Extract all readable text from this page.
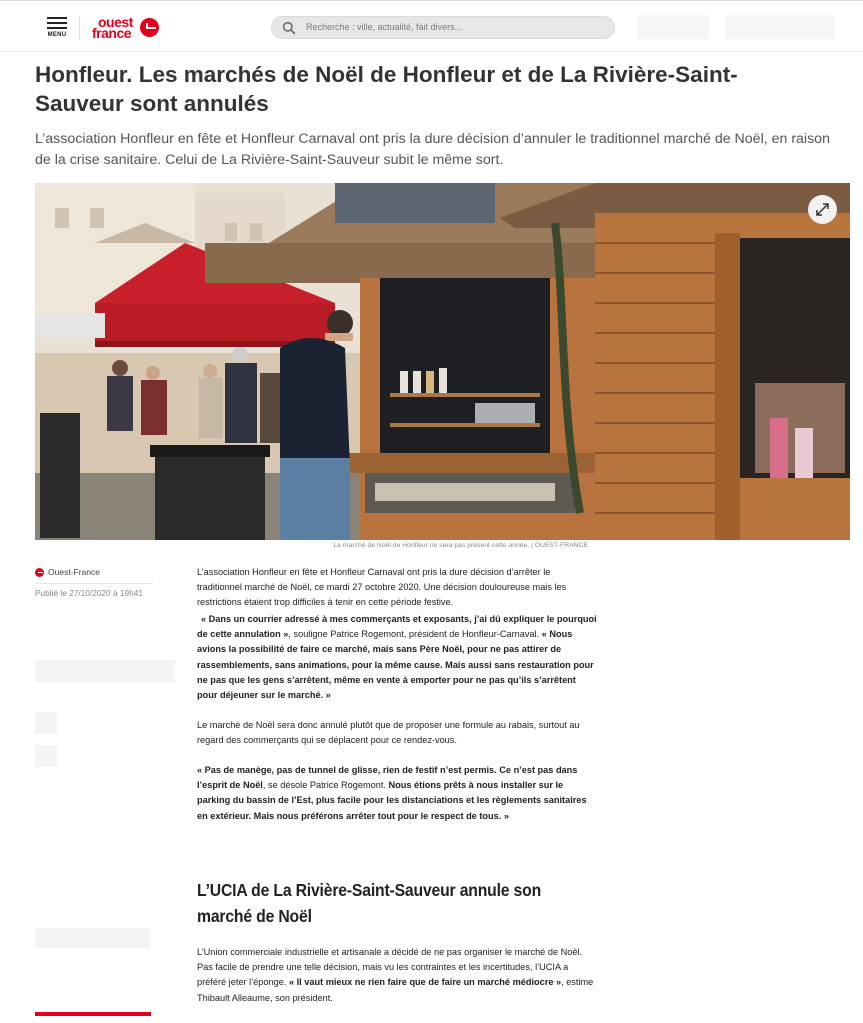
MENU
ouest
france	Recherche : ville, actualité, fait divers...
Honfleur. Les marchés de Noël de Honfleur et de La Rivière-Saint-Sauveur sont annulés

L’association Honfleur en fête et Honfleur Carnaval ont pris la dure décision d’annuler le traditionnel marché de Noël, en raison de la crise sanitaire. Celui de La Rivière-Saint-Sauveur subit le même sort.

Le marché de Noël de Honfleur ne sera pas présent cette année. | OUEST-FRANCE
Ouest-France
Publié le 27/10/2020 à 19h41

L’association Honfleur en fête et Honfleur Carnaval ont pris la dure décision d’arrêter le traditionnel marché de Noël, ce mardi 27 octobre 2020. Une décision douloureuse mais les restrictions étaient trop difficiles à tenir en cette période festive.

« Dans un courrier adressé à mes commerçants et exposants, j’ai dû expliquer le pourquoi de cette annulation », souligne Patrice Rogemont, président de Honfleur-Carnaval. « Nous avions la possibilité de faire ce marché, mais sans Père Noël, pour ne pas attirer de rassemblements, sans animations, pour la même cause. Mais aussi sans restauration pour ne pas que les gens s’arrêtent, même en vente à emporter pour ne pas qu’ils s’arrêtent pour déjeuner sur le marché. »

Le marché de Noël sera donc annulé plutôt que de proposer une formule au rabais, surtout au regard des commerçants qui se déplacent pour ce rendez-vous.

« Pas de manège, pas de tunnel de glisse, rien de festif n’est permis. Ce n’est pas dans l’esprit de Noël, se désole Patrice Rogemont. Nous étions prêts à nous installer sur le parking du bassin de l’Est, plus facile pour les distanciations et les règlements sanitaires en extérieur. Mais nous préférons arrêter tout pour le respect de tous. »

L’UCIA de La Rivière-Saint-Sauveur annule son marché de Noël

L’Union commerciale industrielle et artisanale a décidé de ne pas organiser le marché de Noël. Pas facile de prendre une telle décision, mais vu les contraintes et les incertitudes, l’UCIA a préféré jeter l’éponge. « Il vaut mieux ne rien faire que de faire un marché médiocre », estime Thibault Alleaume, son président.
